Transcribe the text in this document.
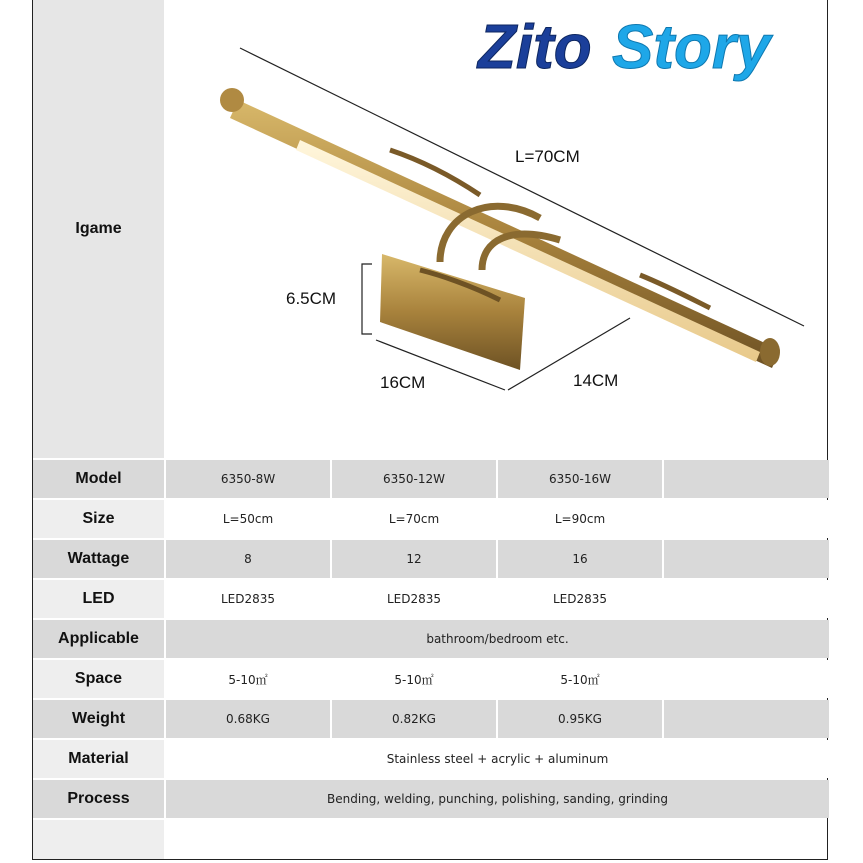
Igame
Model	6350-8W	6350-12W	6350-16W
Size	L=50cm	L=70cm	L=90cm
Wattage	8	12	16
LED	LED2835	LED2835	LED2835
Applicable	bathroom/bedroom etc.
Space	5-10㎡	5-10㎡	5-10㎡
Weight	0.68KG	0.82KG	0.95KG
Material	Stainless steel + acrylic + aluminum
Process	Bending, welding, punching, polishing, sanding, grinding
L=70CM
6.5CM
16CM	14CM
Zito Story
